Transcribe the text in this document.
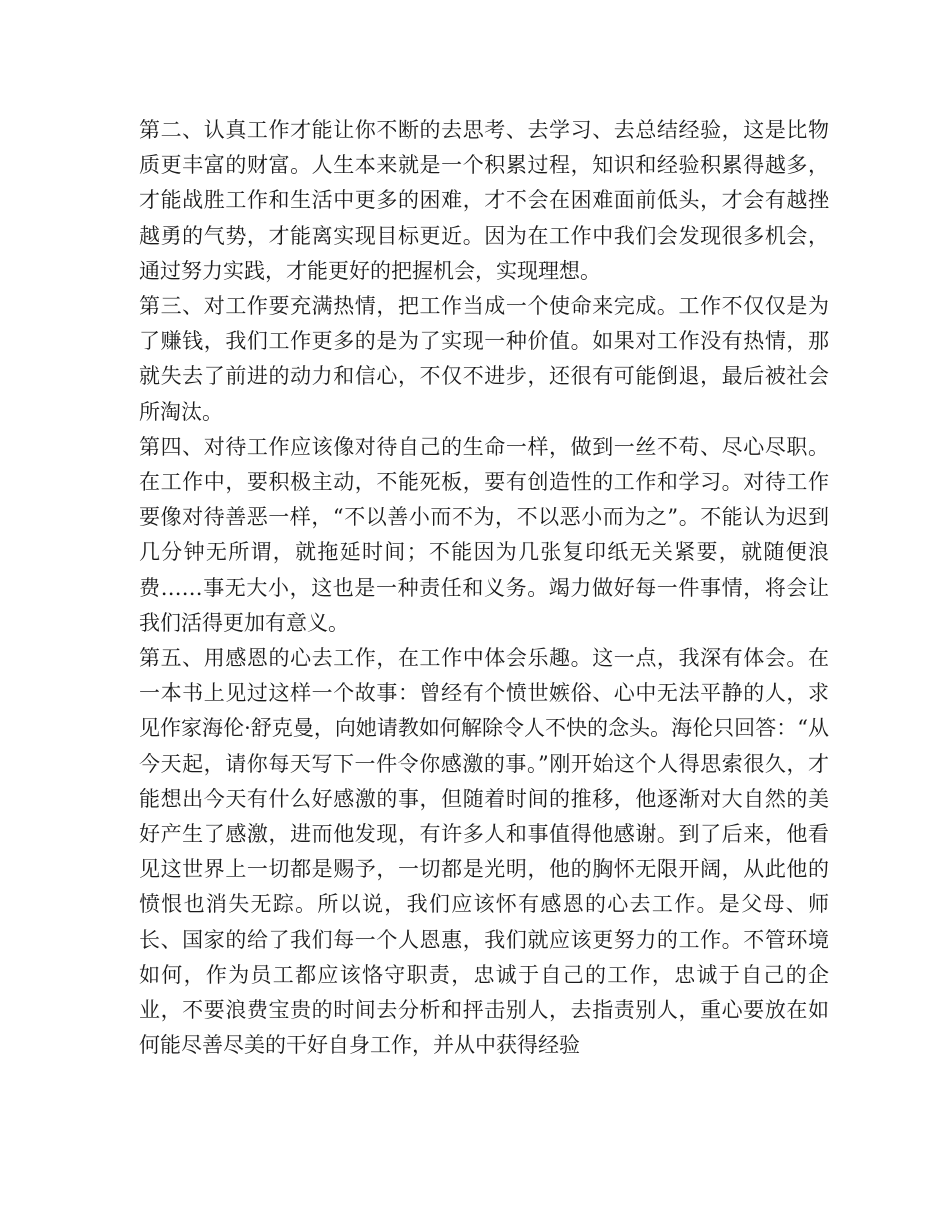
第二、认真工作才能让你不断的去思考、去学习、去总结经验，这是比物质更丰富的财富。人生本来就是一个积累过程，知识和经验积累得越多，才能战胜工作和生活中更多的困难，才不会在困难面前低头，才会有越挫越勇的气势，才能离实现目标更近。因为在工作中我们会发现很多机会，通过努力实践，才能更好的把握机会，实现理想。

第三、对工作要充满热情，把工作当成一个使命来完成。工作不仅仅是为了赚钱，我们工作更多的是为了实现一种价值。如果对工作没有热情，那就失去了前进的动力和信心，不仅不进步，还很有可能倒退，最后被社会所淘汰。

第四、对待工作应该像对待自己的生命一样，做到一丝不苟、尽心尽职。在工作中，要积极主动，不能死板，要有创造性的工作和学习。对待工作要像对待善恶一样，“不以善小而不为，不以恶小而为之”。不能认为迟到几分钟无所谓，就拖延时间；不能因为几张复印纸无关紧要，就随便浪费……事无大小，这也是一种责任和义务。竭力做好每一件事情，将会让我们活得更加有意义。

第五、用感恩的心去工作，在工作中体会乐趣。这一点，我深有体会。在一本书上见过这样一个故事：曾经有个愤世嫉俗、心中无法平静的人，求见作家海伦·舒克曼，向她请教如何解除令人不快的念头。海伦只回答：“从今天起，请你每天写下一件令你感激的事。”刚开始这个人得思索很久，才能想出今天有什么好感激的事，但随着时间的推移，他逐渐对大自然的美好产生了感激，进而他发现，有许多人和事值得他感谢。到了后来，他看见这世界上一切都是赐予，一切都是光明，他的胸怀无限开阔，从此他的愤恨也消失无踪。所以说，我们应该怀有感恩的心去工作。是父母、师长、国家的给了我们每一个人恩惠，我们就应该更努力的工作。不管环境如何，作为员工都应该恪守职责，忠诚于自己的工作，忠诚于自己的企业，不要浪费宝贵的时间去分析和抨击别人，去指责别人，重心要放在如何能尽善尽美的干好自身工作，并从中获得经验
